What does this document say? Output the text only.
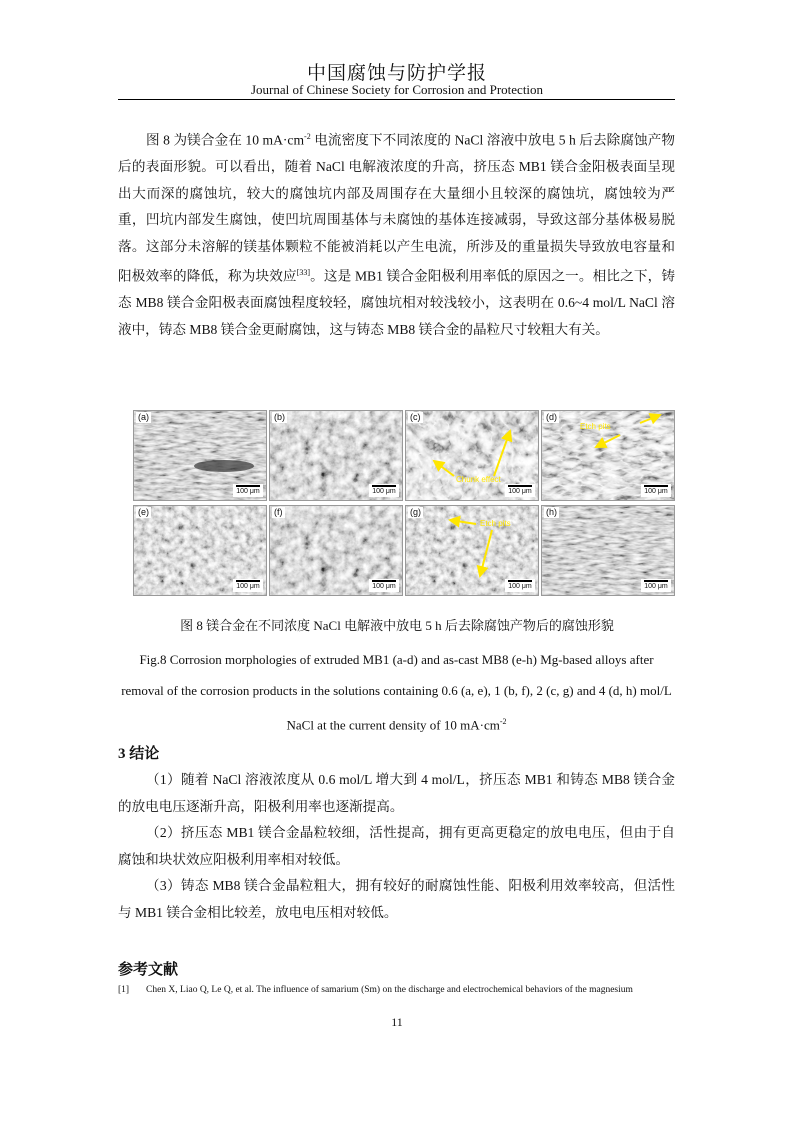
中国腐蚀与防护学报
Journal of Chinese Society for Corrosion and Protection

图 8 为镁合金在 10 $mA\cdot cm^{-2}$ 电流密度下不同浓度的 NaCl 溶液中放电 5 h 后去除腐蚀产物后的表面形貌。可以看出，随着 NaCl 电解液浓度的升高，挤压态 MB1 镁合金阳极表面呈现出大而深的腐蚀坑，较大的腐蚀坑内部及周围存在大量细小且较深的腐蚀坑，腐蚀较为严重，凹坑内部发生腐蚀，使凹坑周围基体与未腐蚀的基体连接减弱，导致这部分基体极易脱落。这部分未溶解的镁基体颗粒不能被消耗以产生电流，所涉及的重量损失导致放电容量和阳极效率的降低，称为块效应[33]。这是 MB1 镁合金阳极利用率低的原因之一。相比之下，铸态 MB8 镁合金阳极表面腐蚀程度较轻，腐蚀坑相对较浅较小，这表明在 0.6~4 mol/L NaCl 溶液中，铸态 MB8 镁合金更耐腐蚀，这与铸态 MB8 镁合金的晶粒尺寸较粗大有关。

(a)
100 μm
(b)
100 μm
(c)
Chunk effect
100 μm
(d)
Etch pits
100 μm
(e)
100 μm
(f)
100 μm
(g)
Etch pits
100 μm
(h)
100 μm
图 8 镁合金在不同浓度 NaCl 电解液中放电 5 h 后去除腐蚀产物后的腐蚀形貌
Fig.8 Corrosion morphologies of extruded MB1 (a-d) and as-cast MB8 (e-h) Mg-based alloys after removal of the corrosion products in the solutions containing 0.6 (a, e), 1 (b, f), 2 (c, g) and 4 (d, h) mol/L NaCl at the current density of 10 $mA\cdot cm^{-2}$
3 结论

（1）随着 NaCl 溶液浓度从 0.6 mol/L 增大到 4 mol/L，挤压态 MB1 和铸态 MB8 镁合金的放电电压逐渐升高，阳极利用率也逐渐提高。

（2）挤压态 MB1 镁合金晶粒较细，活性提高，拥有更高更稳定的放电电压，但由于自腐蚀和块状效应阳极利用率相对较低。

（3）铸态 MB8 镁合金晶粒粗大，拥有较好的耐腐蚀性能、阳极利用效率较高，但活性与 MB1 镁合金相比较差，放电电压相对较低。

参考文献
[1] Chen X, Liao Q, Le Q, et al. The influence of samarium (Sm) on the discharge and electrochemical behaviors of the magnesium
11
